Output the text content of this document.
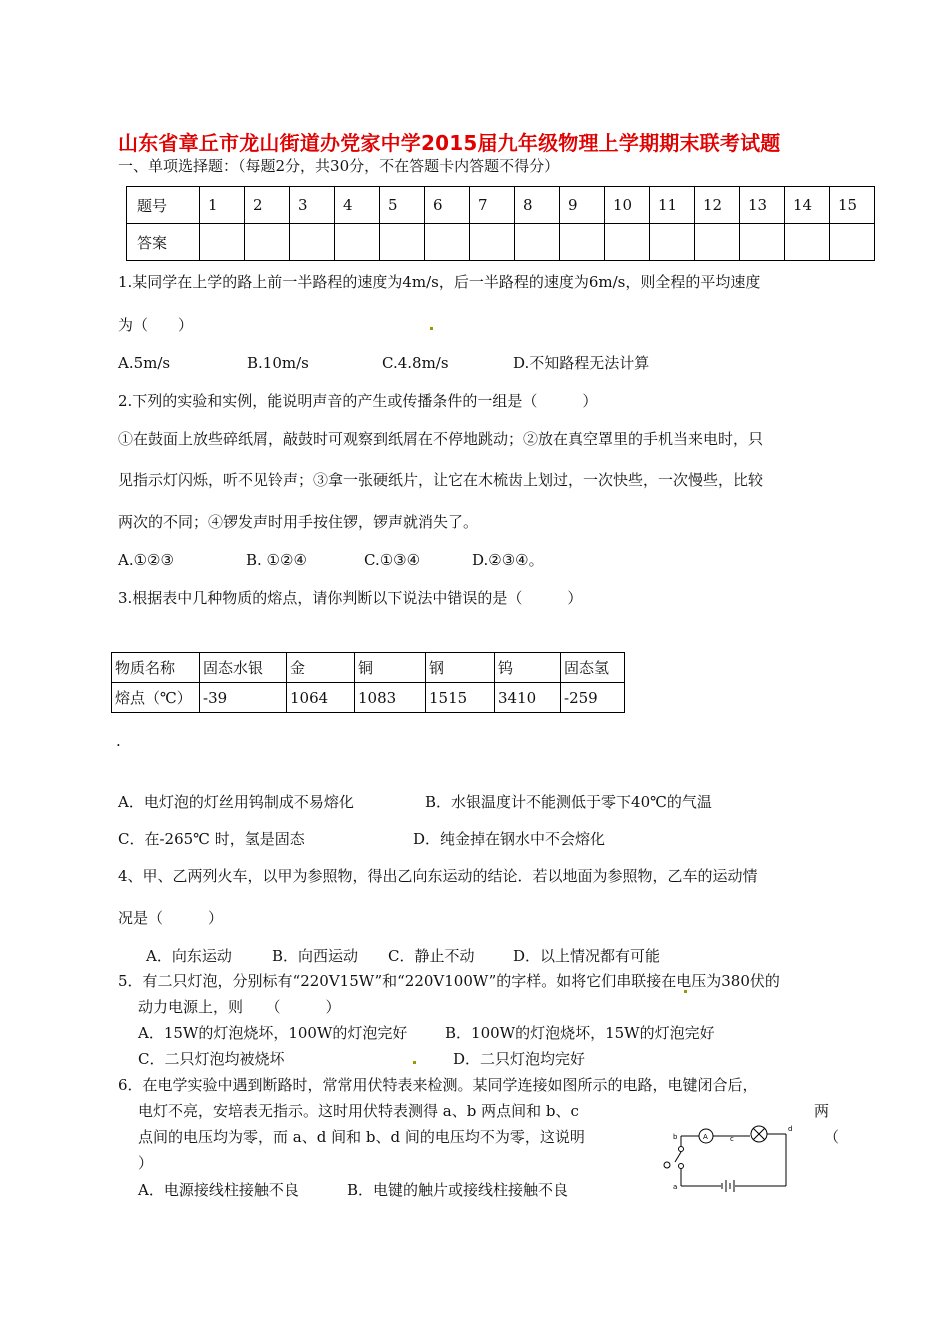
山东省章丘市龙山街道办党家中学2015届九年级物理上学期期末联考试题
一、单项选择题：（每题2分，共30分，不在答题卡内答题不得分）
题号	1	2	3	4	5	6	7	8	9	10	11	12	13	14	15
答案															
1.某同学在上学的路上前一半路程的速度为4m/s，后一半路程的速度为6m/s，则全程的平均速度
为（　　）
A.5m/s	B.10m/s	C.4.8m/s	D.不知路程无法计算
2.下列的实验和实例，能说明声音的产生或传播条件的一组是（　　　）
①在鼓面上放些碎纸屑，敲鼓时可观察到纸屑在不停地跳动；②放在真空罩里的手机当来电时，只
见指示灯闪烁，听不见铃声；③拿一张硬纸片，让它在木梳齿上划过，一次快些，一次慢些，比较
两次的不同；④锣发声时用手按住锣，锣声就消失了。
A.①②③	B. ①②④	C.①③④	D.②③④。
3.根据表中几种物质的熔点，请你判断以下说法中错误的是（　　　）
物质名称	固态水银	金	铜	钢	钨	固态氢
熔点（℃）	-39	1064	1083	1515	3410	-259
.
A．电灯泡的灯丝用钨制成不易熔化	B．水银温度计不能测低于零下40℃的气温
C．在-265℃ 时，氢是固态	D．纯金掉在钢水中不会熔化
4、甲、乙两列火车，以甲为参照物，得出乙向东运动的结论．若以地面为参照物，乙车的运动情
况是（　　　）
A．向东运动	B．向西运动 C．静止不动	D．以上情况都有可能
5．有二只灯泡，分别标有“220V15W”和“220V100W”的字样。如将它们串联接在电压为380伏的
动力电源上，则　　（　　　）
A．15W的灯泡烧坏，100W的灯泡完好	B．100W的灯泡烧坏，15W的灯泡完好
C．二只灯泡均被烧坏	D．二只灯泡均完好
6．在电学实验中遇到断路时，常常用伏特表来检测。某同学连接如图所示的电路，电键闭合后，
电灯不亮，安培表无指示。这时用伏特表测得 a、b 两点间和 b、c	两
点间的电压均为零，而 a、d 间和 b、d 间的电压均不为零，这说明	（
）
A．电源接线柱接触不良	B．电键的触片或接线柱接触不良
b	A	c
d
a
